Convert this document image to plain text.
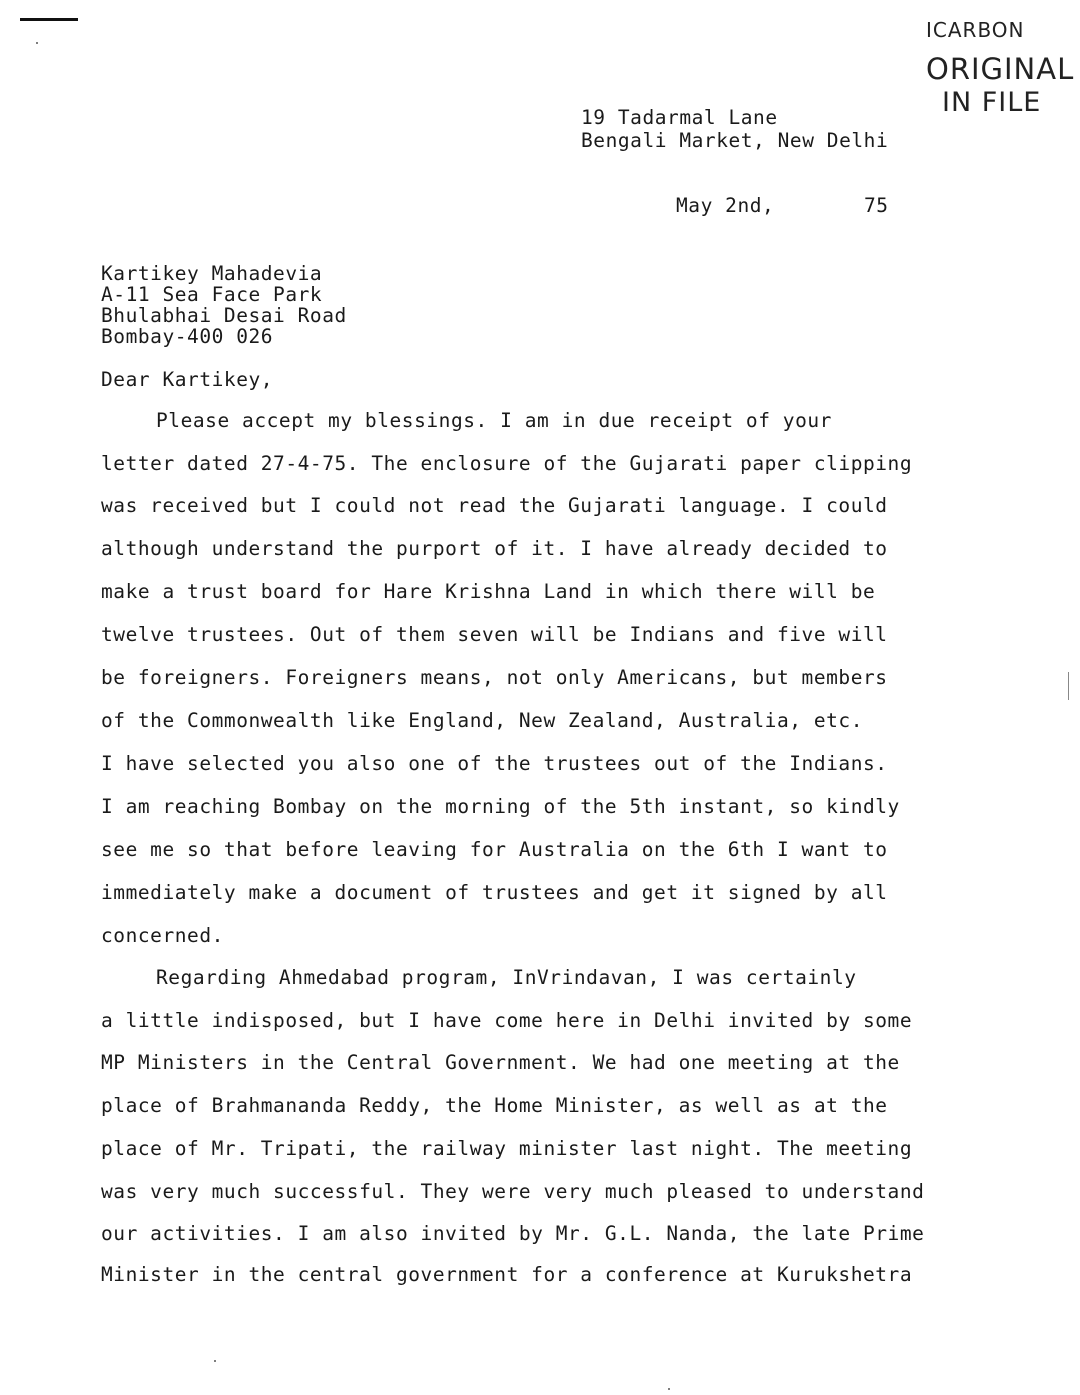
ICARBON
ORIGINAL
IN FILE
19 Tadarmal Lane
Bengali Market, New Delhi
May 2nd,	75
Kartikey Mahadevia
A-11 Sea Face Park
Bhulabhai Desai Road
Bombay-400 026
Dear Kartikey,
Please accept my blessings. I am in due receipt of your
letter dated 27-4-75. The enclosure of the Gujarati paper clipping
was received but I could not read the Gujarati language. I could
although understand the purport of it. I have already decided to
make a trust board for Hare Krishna Land in which there will be
twelve trustees. Out of them seven will be Indians and five will
be foreigners. Foreigners means, not only Americans, but members
of the Commonwealth like England, New Zealand, Australia, etc.
I have selected you also one of the trustees out of the Indians.
I am reaching Bombay on the morning of the 5th instant, so kindly
see me so that before leaving for Australia on the 6th I want to
immediately make a document of trustees and get it signed by all
concerned.
Regarding Ahmedabad program, InVrindavan, I was certainly
a little indisposed, but I have come here in Delhi invited by some
MP Ministers in the Central Government. We had one meeting at the
place of Brahmananda Reddy, the Home Minister, as well as at the
place of Mr. Tripati, the railway minister last night. The meeting
was very much successful. They were very much pleased to understand
our activities. I am also invited by Mr. G.L. Nanda, the late Prime
Minister in the central government for a conference at Kurukshetra
